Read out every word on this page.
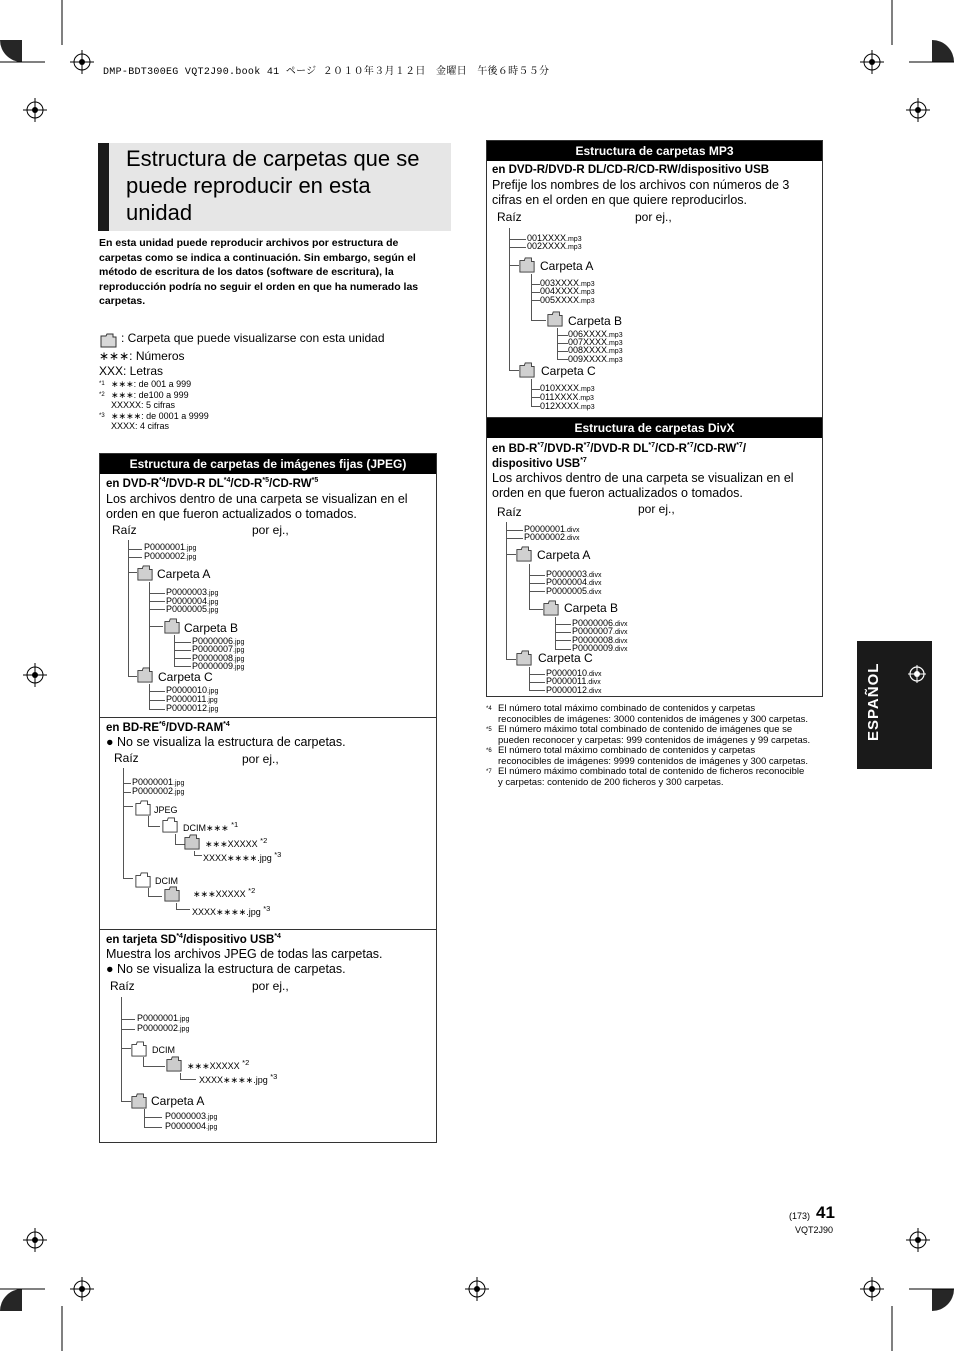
DMP-BDT300EG VQT2J90.book 41 ページ ２０１０年３月１２日　金曜日　午後６時５５分
Estructura de carpetas que se
puede reproducir en esta
unidad
En esta unidad puede reproducir archivos por estructura de
carpetas como se indica a continuación. Sin embargo, según el
método de escritura de los datos (software de escritura), la
reproducción podría no seguir el orden en que ha numerado las
carpetas.
: Carpeta que puede visualizarse con esta unidad
∗∗∗: Números
XXX: Letras
*1 ∗∗∗: de 001 a 999
*2 ∗∗∗: de100 a 999
XXXXX: 5 cifras
*3 ∗∗∗∗: de 0001 a 9999
XXXX: 4 cifras
Estructura de carpetas de imágenes fijas (JPEG)
en DVD-$R^{*4}/DVD-R$ $DL^{*4}/CD-R^{*5}/CD-RW^{*5}$
Los archivos dentro de una carpeta se visualizan en el
orden en que fueron actualizados o tomados.
Raíz	por ej.,
P0000001.jpg
P0000002.jpg
Carpeta A
P0000003.jpg
P0000004.jpg
P0000005.jpg
Carpeta B
P0000006.jpg
P0000007.jpg
P0000008.jpg
P0000009.jpg
Carpeta C
P0000010.jpg
P0000011.jpg
P0000012.jpg
en BD-RE$^{*6}$/DVD-RAM$^{*4}$
● No se visualiza la estructura de carpetas.
Raíz	por ej.,
P0000001.jpg
P0000002.jpg
JPEG
DCIM∗∗∗ $^{*1}$
∗∗∗XXXXX $^{*2}$
XXXX∗∗∗∗.jpg $^{*3}$
DCIM
∗∗∗XXXXX $^{*2}$
XXXX∗∗∗∗.jpg $^{*3}$
en tarjeta SD$^{*4}$/dispositivo USB$^{*4}$
Muestra los archivos JPEG de todas las carpetas.
● No se visualiza la estructura de carpetas.
Raíz	por ej.,
P0000001.jpg
P0000002.jpg
DCIM
∗∗∗XXXXX $^{*2}$
XXXX∗∗∗∗.jpg $^{*3}$
Carpeta A
P0000003.jpg
P0000004.jpg
Estructura de carpetas MP3
en DVD-R/DVD-R DL/CD-R/CD-RW/dispositivo USB
Prefije los nombres de los archivos con números de 3
cifras en el orden en que quiere reproducirlos.
Raíz	por ej.,
001XXXX.mp3
002XXXX.mp3
Carpeta A
003XXXX.mp3
004XXXX.mp3
005XXXX.mp3
Carpeta B
006XXXX.mp3
007XXXX.mp3
008XXXX.mp3
009XXXX.mp3
Carpeta C
010XXXX.mp3
011XXXX.mp3
012XXXX.mp3
Estructura de carpetas DivX
en $BD-R^{*7}/DVD-R^{*7}/DVD-R$ $DL^{*7}/CD-R^{*7}/CD-RW^{*7}/$
dispositivo USB$^{*7}$
Los archivos dentro de una carpeta se visualizan en el
orden en que fueron actualizados o tomados.
Raíz	por ej.,
P0000001.divx
P0000002.divx
Carpeta A
P0000003.divx
P0000004.divx
P0000005.divx
Carpeta B
P0000006.divx
P0000007.divx
P0000008.divx
P0000009.divx
Carpeta C
P0000010.divx
P0000011.divx
P0000012.divx
*4 El número total máximo combinado de contenidos y carpetas
reconocibles de imágenes: 3000 contenidos de imágenes y 300 carpetas.
*5 El número máximo total combinado de contenido de imágenes que se
pueden reconocer y carpetas: 999 contenidos de imágenes y 99 carpetas.
*6 El número total máximo combinado de contenidos y carpetas
reconocibles de imágenes: 9999 contenidos de imágenes y 300 carpetas.
*7 El número máximo combinado total de contenido de ficheros reconocible
y carpetas: contenido de 200 ficheros y 300 carpetas.
ESPAÑOL
(173) 41
VQT2J90
